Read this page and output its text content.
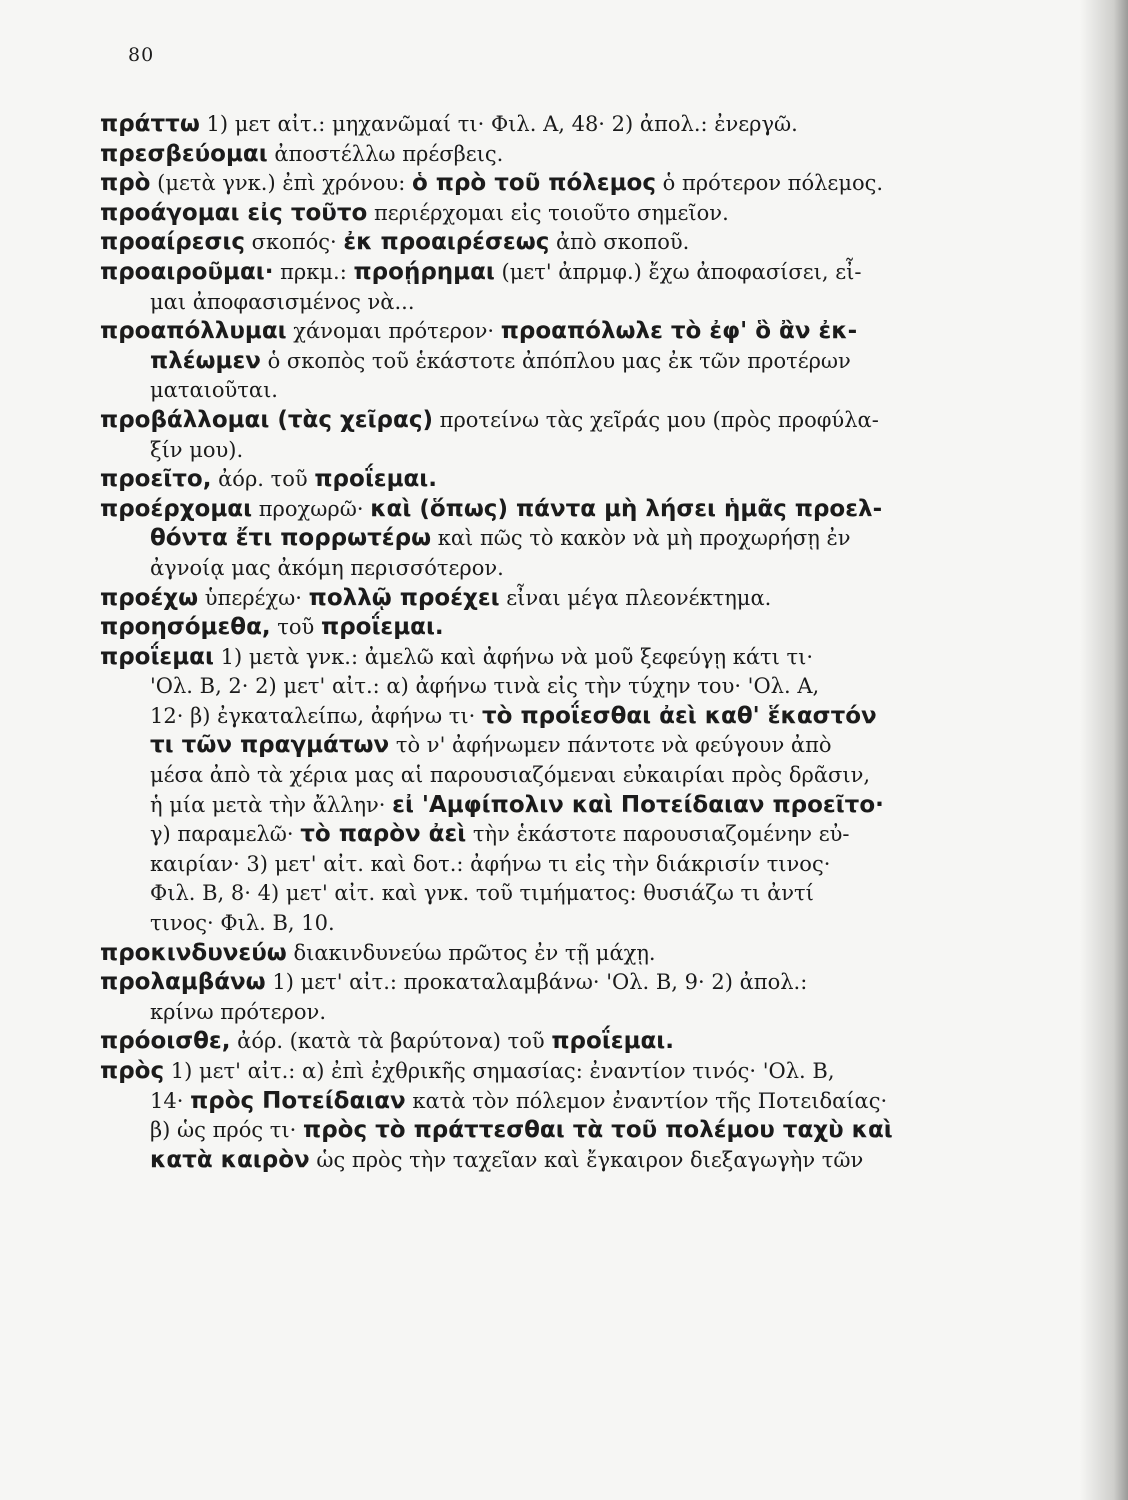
80
πράττω 1) μετ αἰτ.: μηχανῶμαί τι· Φιλ. Α, 48· 2) ἀπολ.: ἐνεργῶ.
πρεσβεύομαι ἀποστέλλω πρέσβεις.
πρὸ (μετὰ γνκ.) ἐπὶ χρόνου: ὁ πρὸ τοῦ πόλεμος ὁ πρότερον πόλεμος.
προάγομαι εἰς τοῦτο περιέρχομαι εἰς τοιοῦτο σημεῖον.
προαίρεσις σκοπός· ἐκ προαιρέσεως ἀπὸ σκοποῦ.
προαιροῦμαι· πρκμ.: προῄρημαι (μετ' ἀπρμφ.) ἔχω ἀποφασίσει, εἶ-
μαι ἀποφασισμένος νὰ...
προαπόλλυμαι χάνομαι πρότερον· προαπόλωλε τὸ ἐφ' ὃ ἂν ἐκ-
πλέωμεν ὁ σκοπὸς τοῦ ἑκάστοτε ἀπόπλου μας ἐκ τῶν προτέρων
ματαιοῦται.
προβάλλομαι (τὰς χεῖρας) προτείνω τὰς χεῖράς μου (πρὸς προφύλα-
ξίν μου).
προεῖτο, ἀόρ. τοῦ προΐεμαι.
προέρχομαι προχωρῶ· καὶ (ὅπως) πάντα μὴ λήσει ἡμᾶς προελ-
θόντα ἔτι πορρωτέρω καὶ πῶς τὸ κακὸν νὰ μὴ προχωρήσῃ ἐν
ἀγνοίᾳ μας ἀκόμη περισσότερον.
προέχω ὑπερέχω· πολλῷ προέχει εἶναι μέγα πλεονέκτημα.
προησόμεθα, τοῦ προΐεμαι.
προΐεμαι 1) μετὰ γνκ.: ἀμελῶ καὶ ἀφήνω νὰ μοῦ ξεφεύγῃ κάτι τι·
'Ολ. Β, 2· 2) μετ' αἰτ.: α) ἀφήνω τινὰ εἰς τὴν τύχην του· 'Ολ. Α,
12· β) ἐγκαταλείπω, ἀφήνω τι· τὸ προΐεσθαι ἀεὶ καθ' ἕκαστόν
τι τῶν πραγμάτων τὸ ν' ἀφήνωμεν πάντοτε νὰ φεύγουν ἀπὸ
μέσα ἀπὸ τὰ χέρια μας αἱ παρουσιαζόμεναι εὐκαιρίαι πρὸς δρᾶσιν,
ἡ μία μετὰ τὴν ἄλλην· εἰ 'Αμφίπολιν καὶ Ποτείδαιαν προεῖτο·
γ) παραμελῶ· τὸ παρὸν ἀεὶ τὴν ἑκάστοτε παρουσιαζομένην εὐ-
καιρίαν· 3) μετ' αἰτ. καὶ δοτ.: ἀφήνω τι εἰς τὴν διάκρισίν τινος·
Φιλ. Β, 8· 4) μετ' αἰτ. καὶ γνκ. τοῦ τιμήματος: θυσιάζω τι ἀντί
τινος· Φιλ. Β, 10.
προκινδυνεύω διακινδυνεύω πρῶτος ἐν τῇ μάχῃ.
προλαμβάνω 1) μετ' αἰτ.: προκαταλαμβάνω· 'Ολ. Β, 9· 2) ἀπολ.:
κρίνω πρότερον.
πρόοισθε, ἀόρ. (κατὰ τὰ βαρύτονα) τοῦ προΐεμαι.
πρὸς 1) μετ' αἰτ.: α) ἐπὶ ἐχθρικῆς σημασίας: ἐναντίον τινός· 'Ολ. Β,
14· πρὸς Ποτείδαιαν κατὰ τὸν πόλεμον ἐναντίον τῆς Ποτειδαίας·
β) ὡς πρός τι· πρὸς τὸ πράττεσθαι τὰ τοῦ πολέμου ταχὺ καὶ
κατὰ καιρὸν ὡς πρὸς τὴν ταχεῖαν καὶ ἔγκαιρον διεξαγωγὴν τῶν
